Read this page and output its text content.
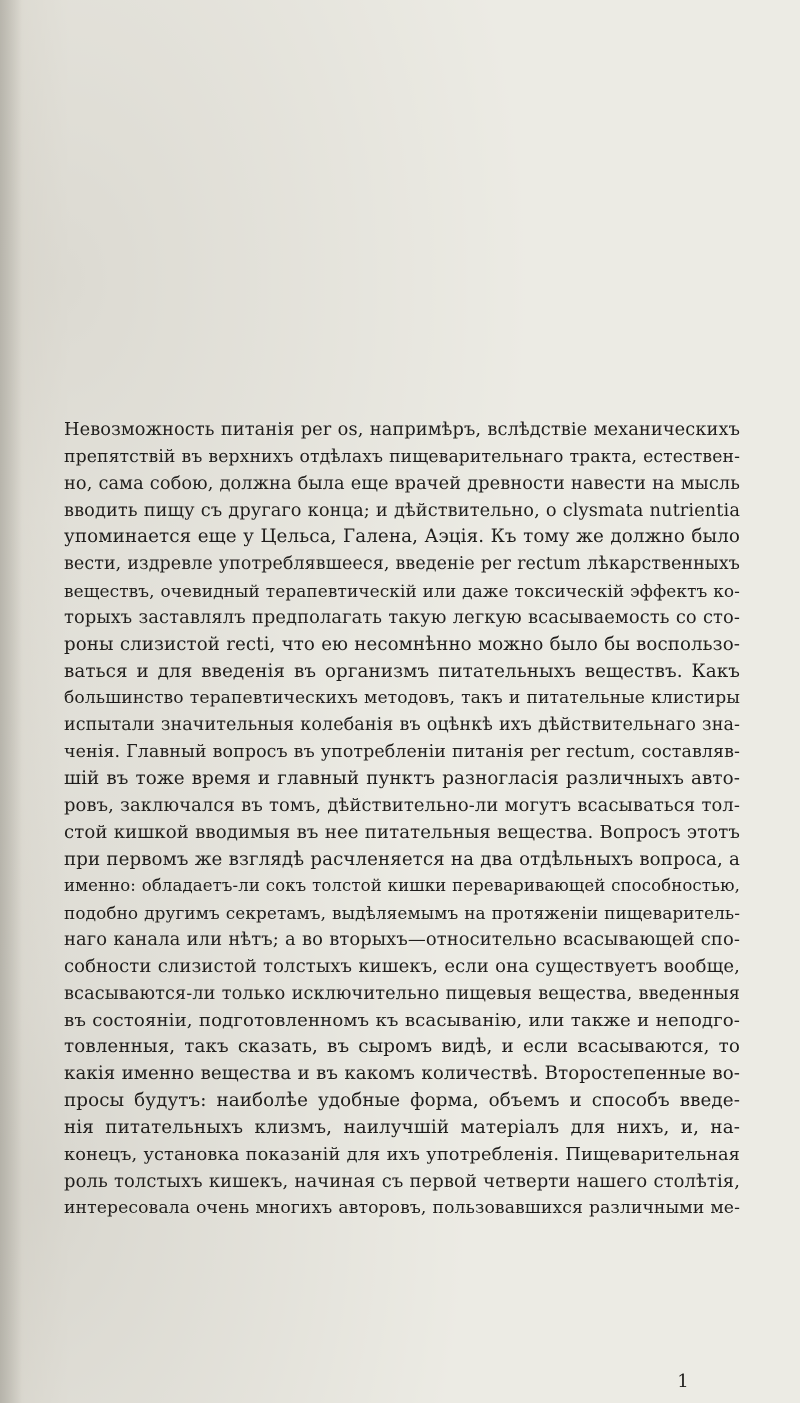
Невозможность питанія per os, напримѣръ, вслѣдствіе механическихъ
препятствій въ верхнихъ отдѣлахъ пищеварительнаго тракта, естествен-
но, сама собою, должна была еще врачей древности навести на мысль
вводить пищу съ другаго конца; и дѣйствительно, о clysmata nutrientia
упоминается еще у Цельса, Галена, Аэція. Къ тому же должно было
вести, издревле употреблявшееся, введеніе per rectum лѣкарственныхъ
веществъ, очевидный терапевтическій или даже токсическій эффектъ ко-
торыхъ заставлялъ предполагать такую легкую всасываемость со сто-
роны слизистой recti, что ею несомнѣнно можно было бы воспользо-
ваться и для введенія въ организмъ питательныхъ веществъ. Какъ
большинство терапевтическихъ методовъ, такъ и питательные клистиры
испытали значительныя колебанія въ оцѣнкѣ ихъ дѣйствительнаго зна-
ченія. Главный вопросъ въ употребленіи питанія per rectum, составляв-
шій въ тоже время и главный пунктъ разногласія различныхъ авто-
ровъ, заключался въ томъ, дѣйствительно-ли могутъ всасываться тол-
стой кишкой вводимыя въ нее питательныя вещества. Вопросъ этотъ
при первомъ же взглядѣ расчленяется на два отдѣльныхъ вопроса, а
именно: обладаетъ-ли сокъ толстой кишки переваривающей способностью,
подобно другимъ секретамъ, выдѣляемымъ на протяженіи пищеваритель-
наго канала или нѣтъ; а во вторыхъ—относительно всасывающей спо-
собности слизистой толстыхъ кишекъ, если она существуетъ вообще,
всасываются-ли только исключительно пищевыя вещества, введенныя
въ состояніи, подготовленномъ къ всасыванію, или также и неподго-
товленныя, такъ сказать, въ сыромъ видѣ, и если всасываются, то
какія именно вещества и въ какомъ количествѣ. Второстепенные во-
просы будутъ: наиболѣе удобные форма, объемъ и способъ введе-
нія питательныхъ клизмъ, наилучшій матеріалъ для нихъ, и, на-
конецъ, установка показаній для ихъ употребленія. Пищеварительная
роль толстыхъ кишекъ, начиная съ первой четверти нашего столѣтія,
интересовала очень многихъ авторовъ, пользовавшихся различными ме-
1
